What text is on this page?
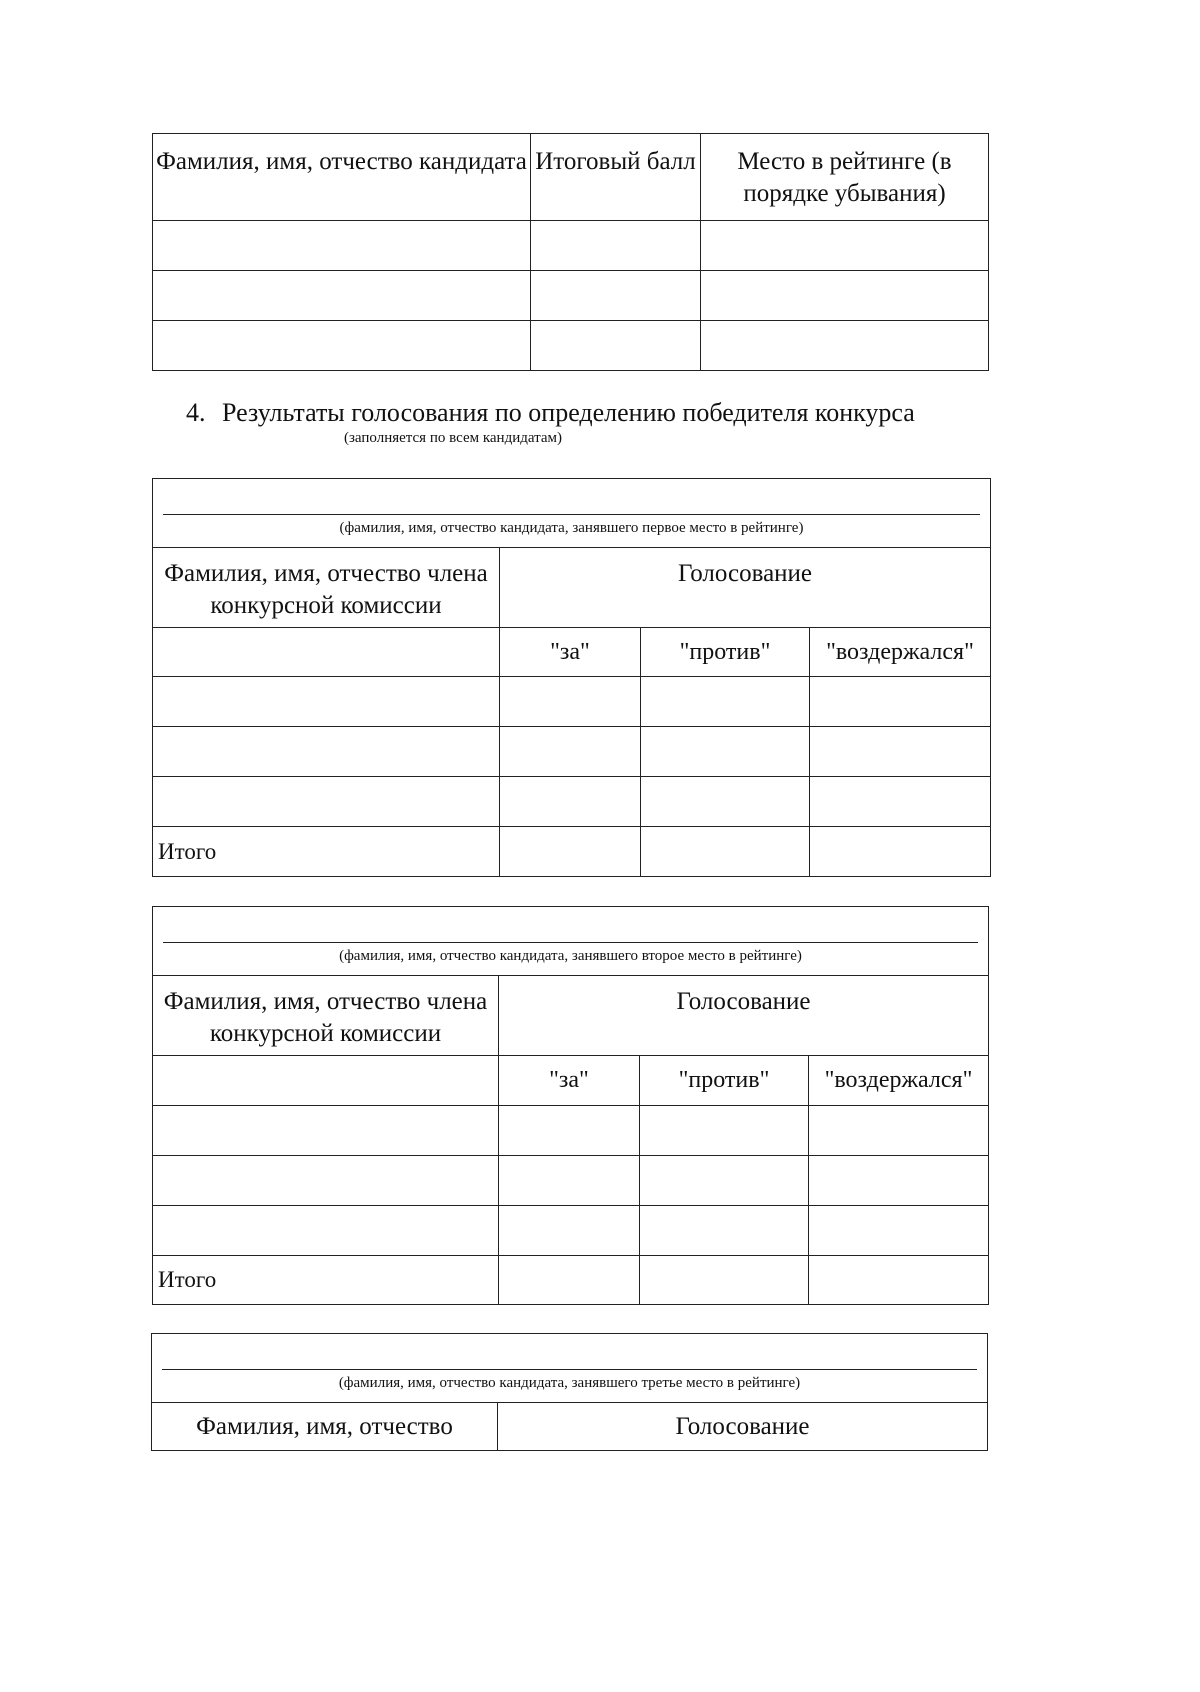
Фамилия, имя, отчество кандидата	Итоговый балл	Место в рейтинге (в порядке убывания)

4. Результаты голосования по определению победителя конкурса
(заполняется по всем кандидатам)
(фамилия, имя, отчество кандидата, занявшего первое место в рейтинге)			

Фамилия, имя, отчество члена конкурсной комиссии	Голосование		
	"за"	"против"	"воздержался"

Итого			
(фамилия, имя, отчество кандидата, занявшего второе место в рейтинге)			

Фамилия, имя, отчество члена конкурсной комиссии	Голосование		
	"за"	"против"	"воздержался"

Итого			
(фамилия, имя, отчество кандидата, занявшего третье место в рейтинге)

Фамилия, имя, отчество	Голосование
